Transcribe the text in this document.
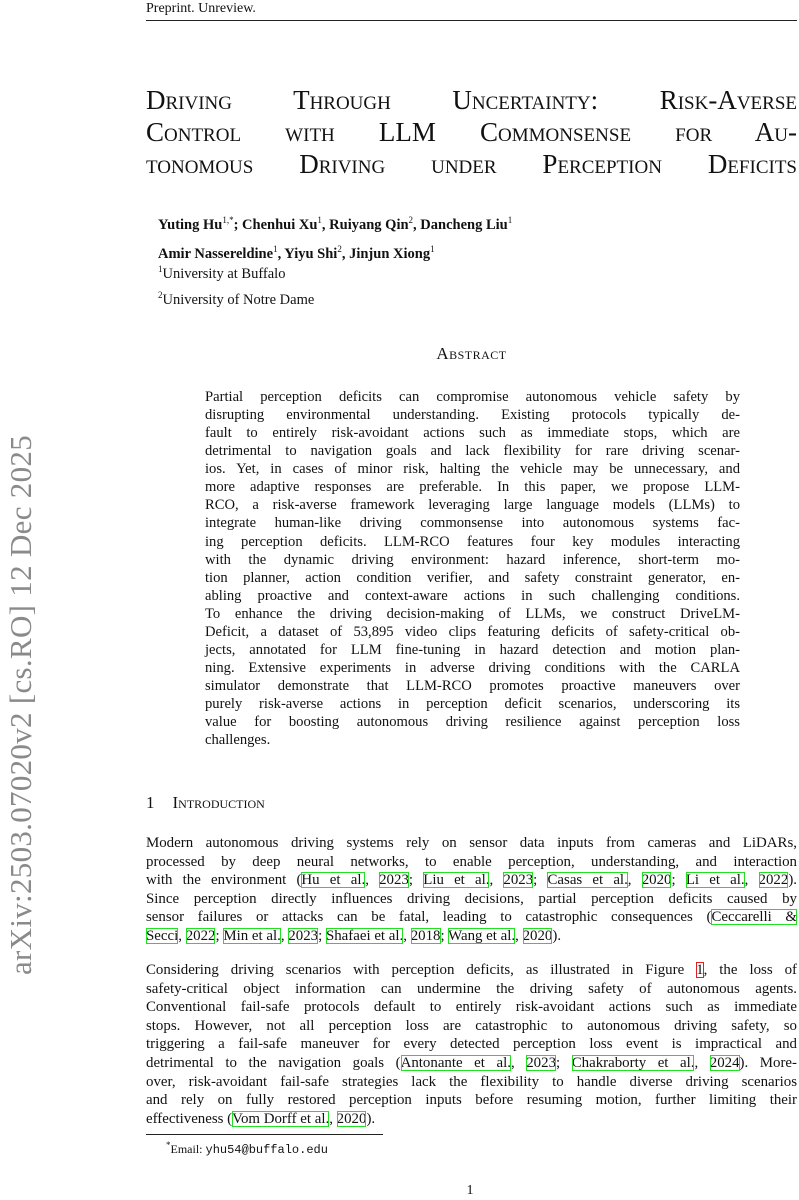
Preprint. Unreview.
arXiv:2503.07020v2 [cs.RO] 12 Dec 2025
Driving Through Uncertainty: Risk-Averse
Control with LLM Commonsense for Au-
tonomous Driving under Perception Deficits
Yuting $Hu^{1,*}$; Chenhui Xu$^1$, Ruiyang Qin$^2$, Dancheng Liu$^1$
Amir Nassereldine$^1$, Yiyu Shi$^2$, Jinjun Xiong$^1$
$^1$University at Buffalo
$^2$University of Notre Dame
Abstract
Partial perception deficits can compromise autonomous vehicle safety by
disrupting environmental understanding. Existing protocols typically de-
fault to entirely risk-avoidant actions such as immediate stops, which are
detrimental to navigation goals and lack flexibility for rare driving scenar-
ios. Yet, in cases of minor risk, halting the vehicle may be unnecessary, and
more adaptive responses are preferable. In this paper, we propose LLM-
RCO, a risk-averse framework leveraging large language models (LLMs) to
integrate human-like driving commonsense into autonomous systems fac-
ing perception deficits. LLM-RCO features four key modules interacting
with the dynamic driving environment: hazard inference, short-term mo-
tion planner, action condition verifier, and safety constraint generator, en-
abling proactive and context-aware actions in such challenging conditions.
To enhance the driving decision-making of LLMs, we construct DriveLM-
Deficit, a dataset of 53,895 video clips featuring deficits of safety-critical ob-
jects, annotated for LLM fine-tuning in hazard detection and motion plan-
ning. Extensive experiments in adverse driving conditions with the CARLA
simulator demonstrate that LLM-RCO promotes proactive maneuvers over
purely risk-averse actions in perception deficit scenarios, underscoring its
value for boosting autonomous driving resilience against perception loss
challenges.
1 Introduction
Modern autonomous driving systems rely on sensor data inputs from cameras and LiDARs,
processed by deep neural networks, to enable perception, understanding, and interaction
with the environment (Hu et al., 2023; Liu et al., 2023; Casas et al., 2020; Li et al., 2022).
Since perception directly influences driving decisions, partial perception deficits caused by
sensor failures or attacks can be fatal, leading to catastrophic consequences (Ceccarelli &
Secci, 2022; Min et al., 2023; Shafaei et al., 2018; Wang et al., 2020).
Considering driving scenarios with perception deficits, as illustrated in Figure 1, the loss of
safety-critical object information can undermine the driving safety of autonomous agents.
Conventional fail-safe protocols default to entirely risk-avoidant actions such as immediate
stops. However, not all perception loss are catastrophic to autonomous driving safety, so
triggering a fail-safe maneuver for every detected perception loss event is impractical and
detrimental to the navigation goals (Antonante et al., 2023; Chakraborty et al., 2024). More-
over, risk-avoidant fail-safe strategies lack the flexibility to handle diverse driving scenarios
and rely on fully restored perception inputs before resuming motion, further limiting their
effectiveness (Vom Dorff et al., 2020).
*Email: yhu54@buffalo.edu
1
